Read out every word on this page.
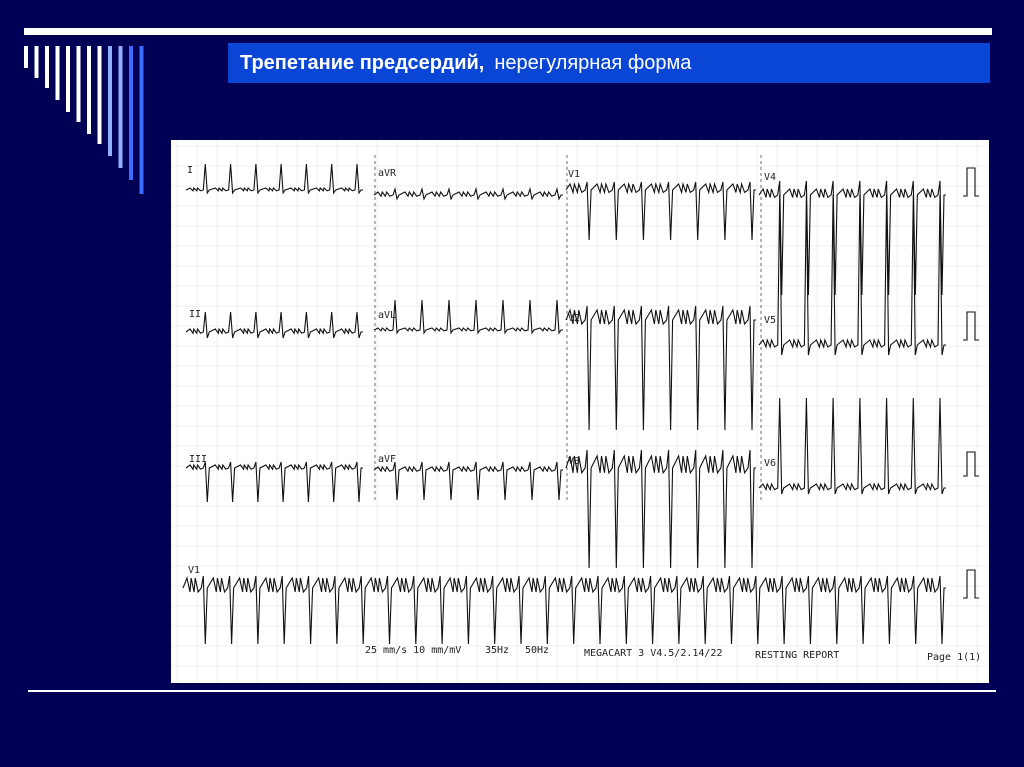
Трепетание предсердий, нерегулярная форма
I	aVR	V1	V4
II	aVL	V2	V5
III	aVF	V3	V6
V1
25 mm/s 10 mm/mV 35Hz 50Hz	MEGACART 3 V4.5/2.14/22	RESTING REPORT	Page 1(1)
